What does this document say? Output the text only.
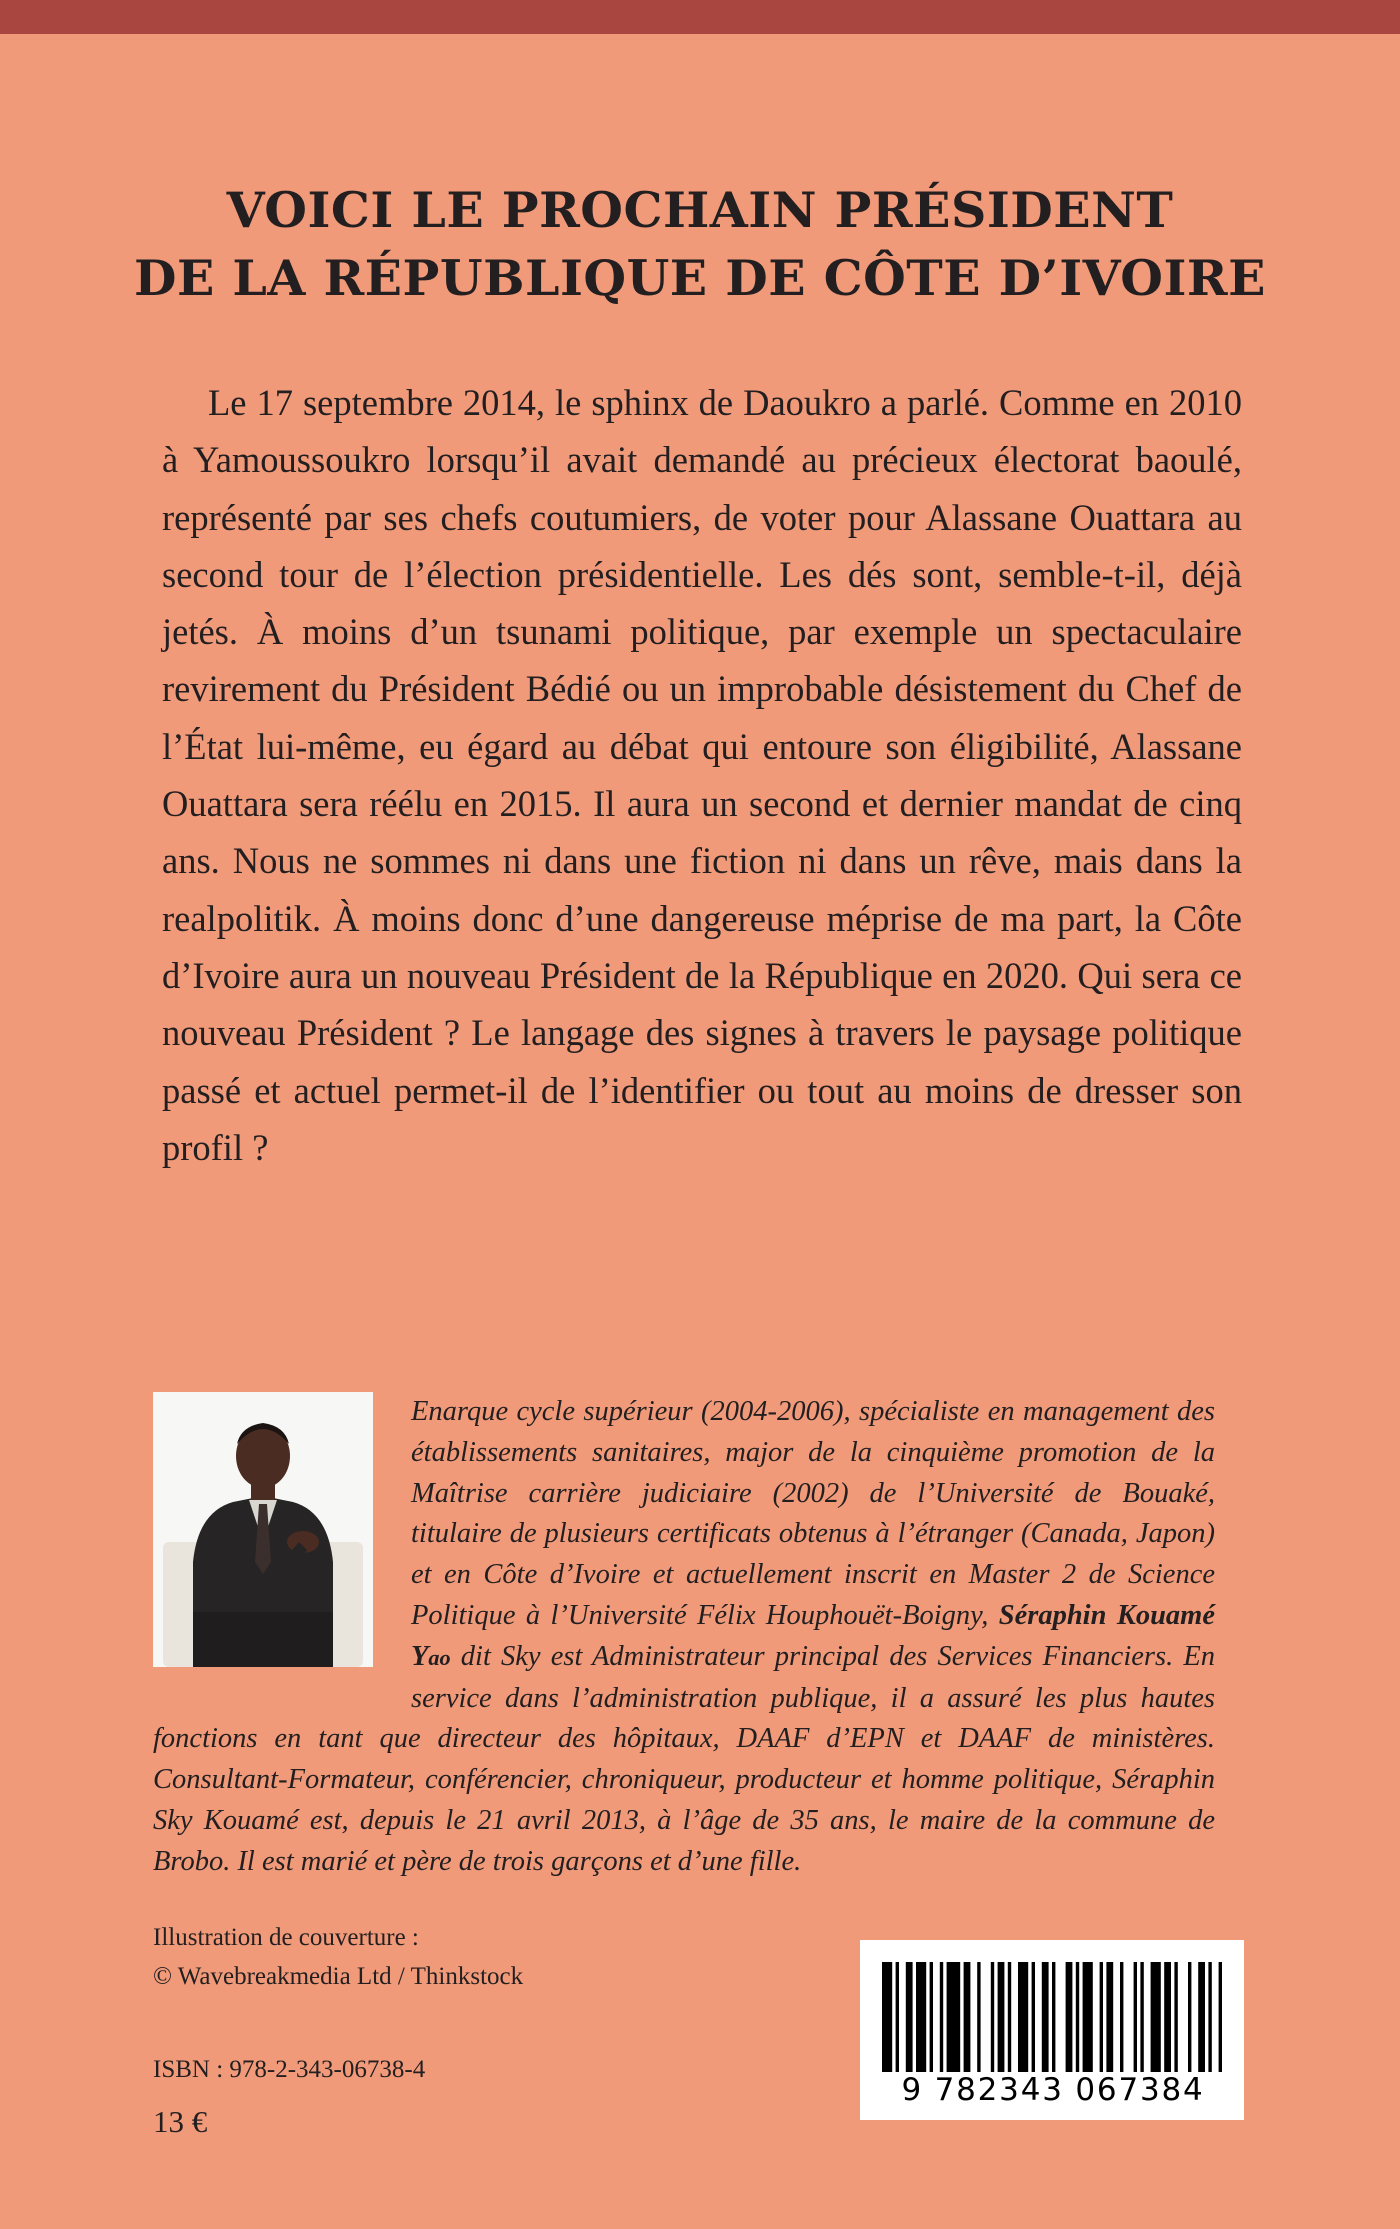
VOICI LE PROCHAIN PRÉSIDENT
DE LA RÉPUBLIQUE DE CÔTE D’IVOIRE

Le 17 septembre 2014, le sphinx de Daoukro a parlé. Comme en 2010 à Yamoussoukro lorsqu’il avait demandé au précieux électorat baoulé, représenté par ses chefs coutumiers, de voter pour Alassane Ouattara au second tour de l’élection présidentielle. Les dés sont, semble-t-il, déjà jetés. À moins d’un tsunami politique, par exemple un spectaculaire revirement du Président Bédié ou un improbable désistement du Chef de l’État lui-même, eu égard au débat qui entoure son éligibilité, Alassane Ouattara sera réélu en 2015. Il aura un second et dernier mandat de cinq ans. Nous ne sommes ni dans une fiction ni dans un rêve, mais dans la realpolitik. À moins donc d’une dangereuse méprise de ma part, la Côte d’Ivoire aura un nouveau Président de la République en 2020. Qui sera ce nouveau Président ? Le langage des signes à travers le paysage politique passé et actuel permet-il de l’identifier ou tout au moins de dresser son profil ?

Enarque cycle supérieur (2004-2006), spécialiste en management des établissements sanitaires, major de la cinquième promotion de la Maîtrise carrière judiciaire (2002) de l’Université de Bouaké, titulaire de plusieurs certificats obtenus à l’étranger (Canada, Japon) et en Côte d’Ivoire et actuellement inscrit en Master 2 de Science Politique à l’Université Félix Houphouët-Boigny, Séraphin Kouamé Yao dit Sky est Administrateur principal des Services Financiers. En service dans l’administration publique, il a assuré les plus hautes fonctions en tant que directeur des hôpitaux, DAAF d’EPN et DAAF de ministères. Consultant-Formateur, conférencier, chroniqueur, producteur et homme politique, Séraphin Sky Kouamé est, depuis le 21 avril 2013, à l’âge de 35 ans, le maire de la commune de Brobo. Il est marié et père de trois garçons et d’une fille.
Illustration de couverture :
© Wavebreakmedia Ltd / Thinkstock
ISBN : 978-2-343-06738-4
13 €
9 782343 067384
